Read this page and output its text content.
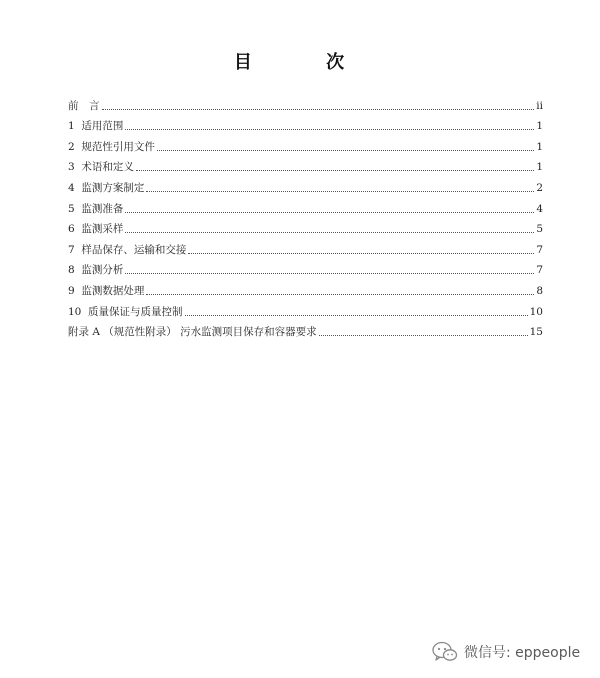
目 次
前　言	ii
1  适用范围	1
2  规范性引用文件	1
3  术语和定义	1
4  监测方案制定	2
5  监测准备	4
6  监测采样	5
7  样品保存、运输和交接	7
8  监测分析	7
9  监测数据处理	8
10  质量保证与质量控制	10
附录 A （规范性附录） 污水监测项目保存和容器要求	15
微信号: eppeople
